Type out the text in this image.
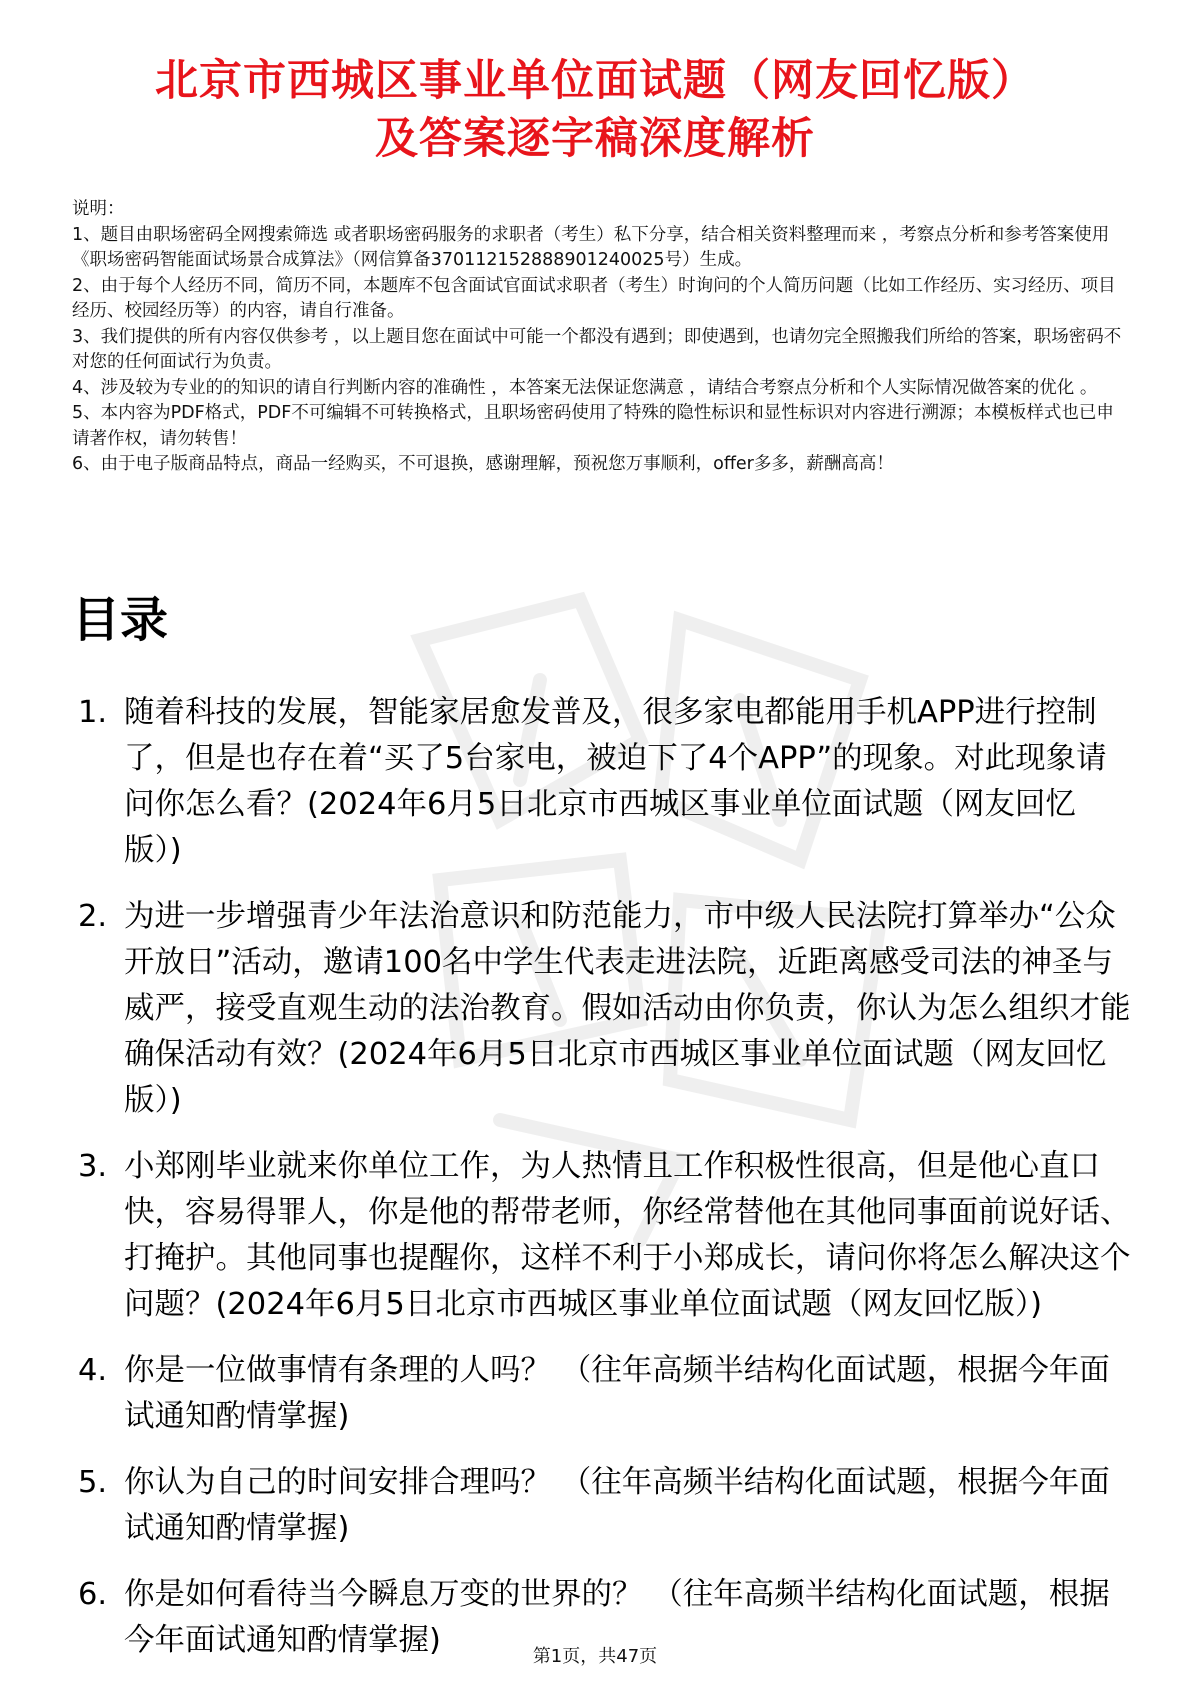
北京市西城区事业单位面试题（网友回忆版）
及答案逐字稿深度解析

说明：

1、题目由职场密码全网搜索筛选 或者职场密码服务的求职者（考生）私下分享，结合相关资料整理而来 ，考察点分析和参考答案使用《职场密码智能面试场景合成算法》（网信算备370112152888901240025号）生成。

2、由于每个人经历不同，简历不同，本题库不包含面试官面试求职者（考生）时询问的个人简历问题（比如工作经历、实习经历、项目经历、校园经历等）的内容，请自行准备。

3、我们提供的所有内容仅供参考 ，以上题目您在面试中可能一个都没有遇到；即使遇到，也请勿完全照搬我们所给的答案，职场密码不对您的任何面试行为负责。

4、涉及较为专业的的知识的请自行判断内容的准确性 ，本答案无法保证您满意 ，请结合考察点分析和个人实际情况做答案的优化 。

5、本内容为PDF格式，PDF不可编辑不可转换格式，且职场密码使用了特殊的隐性标识和显性标识对内容进行溯源；本模板样式也已申请著作权，请勿转售！

6、由于电子版商品特点，商品一经购买，不可退换，感谢理解，预祝您万事顺利，offer多多，薪酬高高！

目录
1. 随着科技的发展，智能家居愈发普及，很多家电都能用手机APP进行控制了，但是也存在着“买了5台家电，被迫下了4个APP”的现象。对此现象请问你怎么看？(2024年6月5日北京市西城区事业单位面试题（网友回忆版）)
2. 为进一步增强青少年法治意识和防范能力，市中级人民法院打算举办“公众开放日”活动，邀请100名中学生代表走进法院，近距离感受司法的神圣与威严，接受直观生动的法治教育。假如活动由你负责，你认为怎么组织才能确保活动有效？(2024年6月5日北京市西城区事业单位面试题（网友回忆版）)
3. 小郑刚毕业就来你单位工作，为人热情且工作积极性很高，但是他心直口快，容易得罪人，你是他的帮带老师，你经常替他在其他同事面前说好话、打掩护。其他同事也提醒你，这样不利于小郑成长，请问你将怎么解决这个问题？(2024年6月5日北京市西城区事业单位面试题（网友回忆版）)
4. 你是一位做事情有条理的人吗？ （往年高频半结构化面试题，根据今年面试通知酌情掌握)
5. 你认为自己的时间安排合理吗？ （往年高频半结构化面试题，根据今年面试通知酌情掌握)
6. 你是如何看待当今瞬息万变的世界的？ （往年高频半结构化面试题，根据今年面试通知酌情掌握)	第1页，共47页
